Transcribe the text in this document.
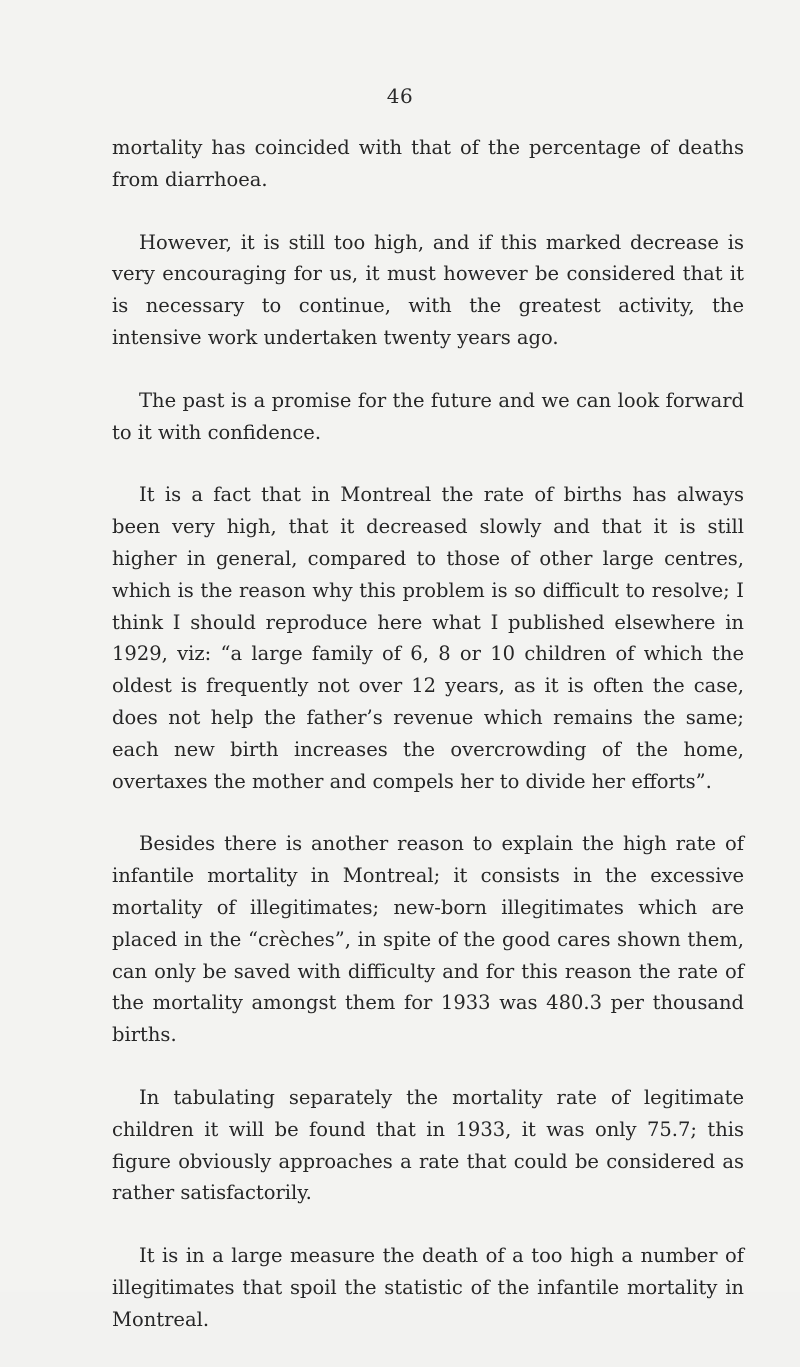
46

mortality has coincided with that of the percentage of deaths from diarrhoea.

However, it is still too high, and if this marked decrease is very encouraging for us, it must however be considered that it is necessary to continue, with the greatest activity, the intensive work undertaken twenty years ago.

The past is a promise for the future and we can look forward to it with confidence.

It is a fact that in Montreal the rate of births has always been very high, that it decreased slowly and that it is still higher in general, compared to those of other large centres, which is the reason why this problem is so difficult to resolve; I think I should reproduce here what I published elsewhere in 1929, viz: “a large family of 6, 8 or 10 children of which the oldest is frequently not over 12 years, as it is often the case, does not help the father’s revenue which remains the same; each new birth increases the overcrowding of the home, overtaxes the mother and compels her to divide her efforts”.

Besides there is another reason to explain the high rate of infantile mortality in Montreal; it consists in the excessive mortality of illegitimates; new-born illegitimates which are placed in the “crèches”, in spite of the good cares shown them, can only be saved with difficulty and for this reason the rate of the mortality amongst them for 1933 was 480.3 per thousand births.

In tabulating separately the mortality rate of legitimate children it will be found that in 1933, it was only 75.7; this figure obviously approaches a rate that could be considered as rather satisfactorily.

It is in a large measure the death of a too high a number of illegitimates that spoil the statistic of the infantile mortality in Montreal.
